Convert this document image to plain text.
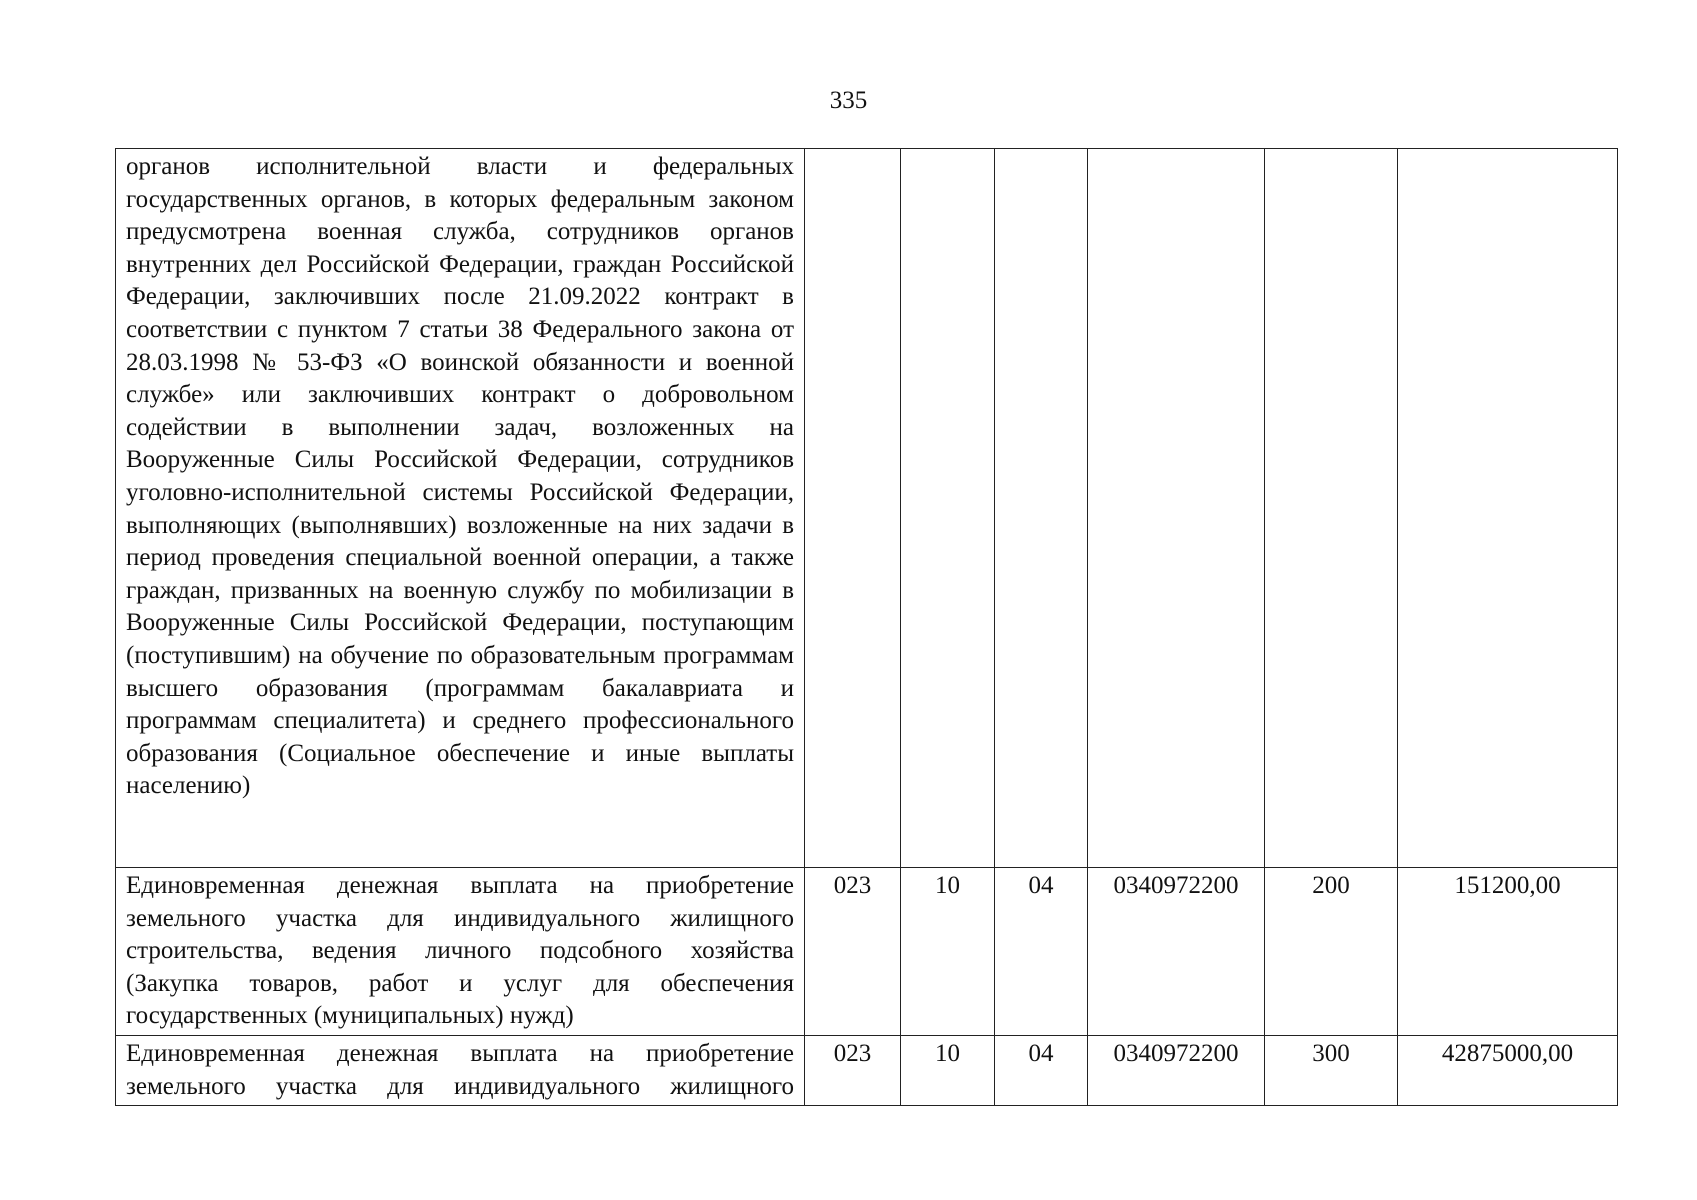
335
органов исполнительной власти и федеральных государственных органов, в которых федеральным законом предусмотрена военная служба, сотрудников органов внутренних дел Российской Федерации, граждан Российской Федерации, заключивших после 21.09.2022 контракт в соответствии с пунктом 7 статьи 38 Федерального закона от 28.03.1998 № 53-ФЗ «О воинской обязанности и военной службе» или заключивших контракт о добровольном содействии в выполнении задач, возложенных на Вооруженные Силы Российской Федерации, сотрудников уголовно-исполнительной системы Российской Федерации, выполняющих (выполнявших) возложенные на них задачи в период проведения специальной военной операции, а также граждан, призванных на военную службу по мобилизации в Вооруженные Силы Российской Федерации, поступающим (поступившим) на обучение по образовательным программам высшего образования (программам бакалавриата и программам специалитета) и среднего профессионального образования (Социальное обеспечение и иные выплаты населению)						
Единовременная денежная выплата на приобретение земельного участка для индивидуального жилищного строительства, ведения личного подсобного хозяйства (Закупка товаров, работ и услуг для обеспечения государственных (муниципальных) нужд)	023	10	04	0340972200	200	151200,00
Единовременная денежная выплата на приобретение земельного участка для индивидуального жилищного	023	10	04	0340972200	300	42875000,00
